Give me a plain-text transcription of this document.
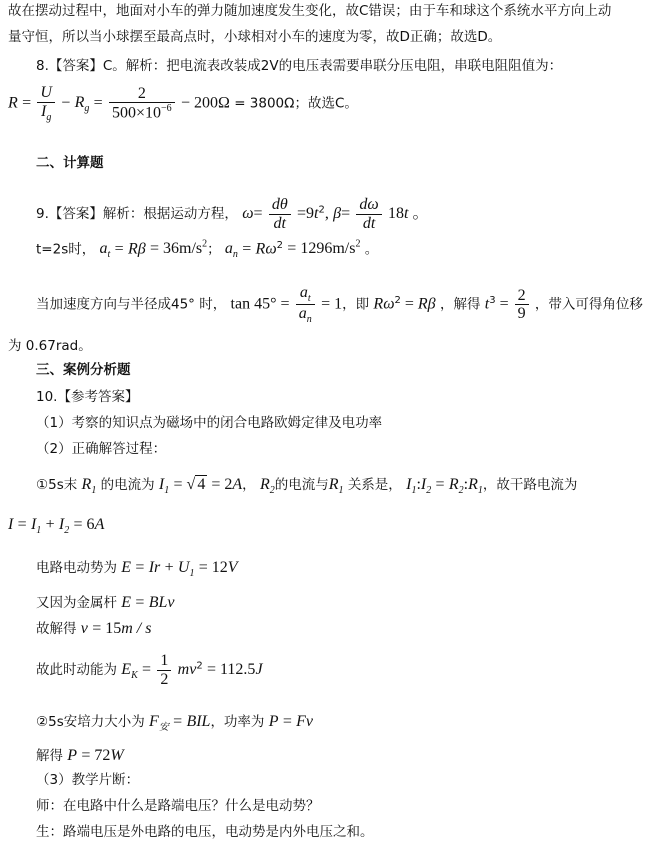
故在摆动过程中，地面对小车的弹力随加速度发生变化，故C错误；由于车和球这个系统水平方向上动
量守恒，所以当小球摆至最高点时，小球相对小车的速度为零，故D正确；故选D。
8.【答案】C。解析：把电流表改装成2V的电压表需要串联分压电阻，串联电阻阻值为：
$R = \frac{U}{I_g} - R_g = \frac{2}{500\times 10^{-6}} - 200\Omega = 3800\Omega$；故选C。
二、计算题
9.【答案】解析：根据运动方程， $\omega= \frac{d\theta}{dt} =9t^2$, $\beta= \frac{d\omega}{dt} 18t$ 。
t=2s时， $a_t = R\beta = 36m/s^2$； $a_n = R\omega^2 = 1296m/s^2$ 。
当加速度方向与半径成45° 时， $\tan 45^\circ = \frac{a_t}{a_n} = 1$，即 $R\omega^2 = R\beta$ ，解得 $t^3 = \frac{2}{9}$ ，带入可得角位移
为 0.67rad。
三、案例分析题
10.【参考答案】
（1）考察的知识点为磁场中的闭合电路欧姆定律及电功率
（2）正确解答过程：
①5s末 $R_1$ 的电流为 $I_1$ = √ 4 = 2A， $R_2$的电流与$R_1$ 关系是， $I_1:I_2$ = $R_2:R_1$，故干路电流为
$I = I_1 + I_2 = 6A$
电路电动势为 $E = Ir + U_1 = 12V$
又因为金属杆 E = BLv
故解得 v = 15m / s
故此时动能为 $E_K = \frac{1}{2} mv^2 = 112.5J$
②5s安培力大小为 $F_安$ = BIL，功率为 P = Fv
解得 P = 72W
（3）教学片断：
师：在电路中什么是路端电压？什么是电动势？
生：路端电压是外电路的电压，电动势是内外电压之和。
